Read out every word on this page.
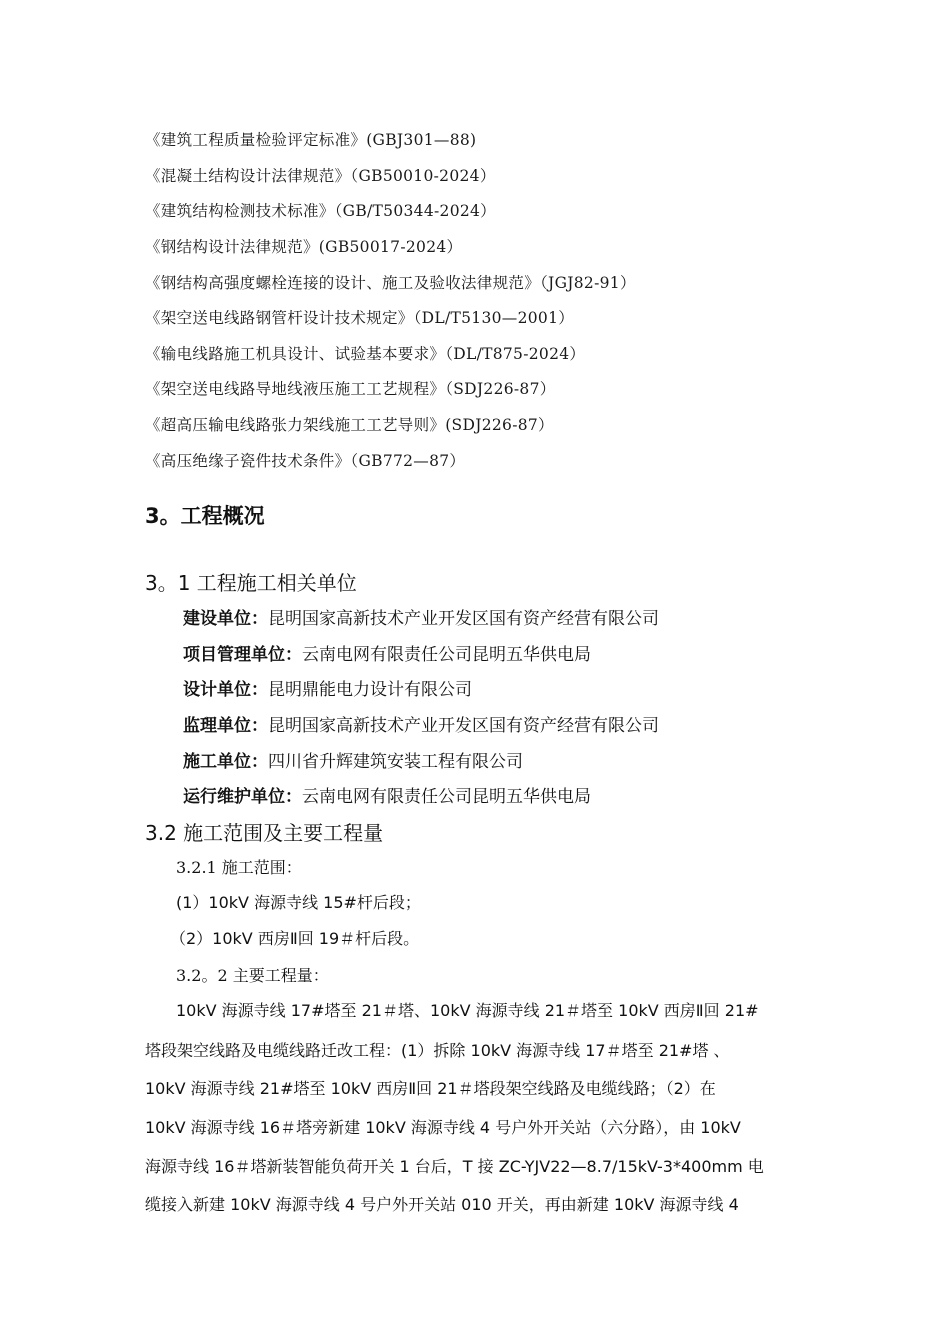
《建筑工程质量检验评定标准》(GBJ301—88)
《混凝土结构设计法律规范》（GB50010-2024）
《建筑结构检测技术标准》（GB/T50344-2024）
《钢结构设计法律规范》(GB50017-2024）
《钢结构高强度螺栓连接的设计、施工及验收法律规范》（JGJ82-91）
《架空送电线路钢管杆设计技术规定》（DL/T5130—2001）
《输电线路施工机具设计、试验基本要求》（DL/T875-2024）
《架空送电线路导地线液压施工工艺规程》（SDJ226-87）
《超高压输电线路张力架线施工工艺导则》(SDJ226-87）
《高压绝缘子瓷件技术条件》（GB772—87）
3。工程概况
3。1 工程施工相关单位
建设单位：昆明国家高新技术产业开发区国有资产经营有限公司
项目管理单位：云南电网有限责任公司昆明五华供电局
设计单位：昆明鼎能电力设计有限公司
监理单位：昆明国家高新技术产业开发区国有资产经营有限公司
施工单位：四川省升辉建筑安装工程有限公司
运行维护单位：云南电网有限责任公司昆明五华供电局
3.2 施工范围及主要工程量
3.2.1 施工范围：
(1）10kV 海源寺线 15#杆后段；
（2）10kV 西房Ⅱ回 19＃杆后段。
3.2。2 主要工程量：
10kV 海源寺线 17#塔至 21＃塔、10kV 海源寺线 21＃塔至 10kV 西房Ⅱ回 21#
塔段架空线路及电缆线路迁改工程：(1）拆除 10kV 海源寺线 17＃塔至 21#塔 、
10kV 海源寺线 21#塔至 10kV 西房Ⅱ回 21＃塔段架空线路及电缆线路；（2）在
10kV 海源寺线 16＃塔旁新建 10kV 海源寺线 4 号户外开关站（六分路），由 10kV
海源寺线 16＃塔新装智能负荷开关 1 台后，T 接 ZC-YJV22—8.7/15kV-3*400mm 电
缆接入新建 10kV 海源寺线 4 号户外开关站 010 开关，再由新建 10kV 海源寺线 4
